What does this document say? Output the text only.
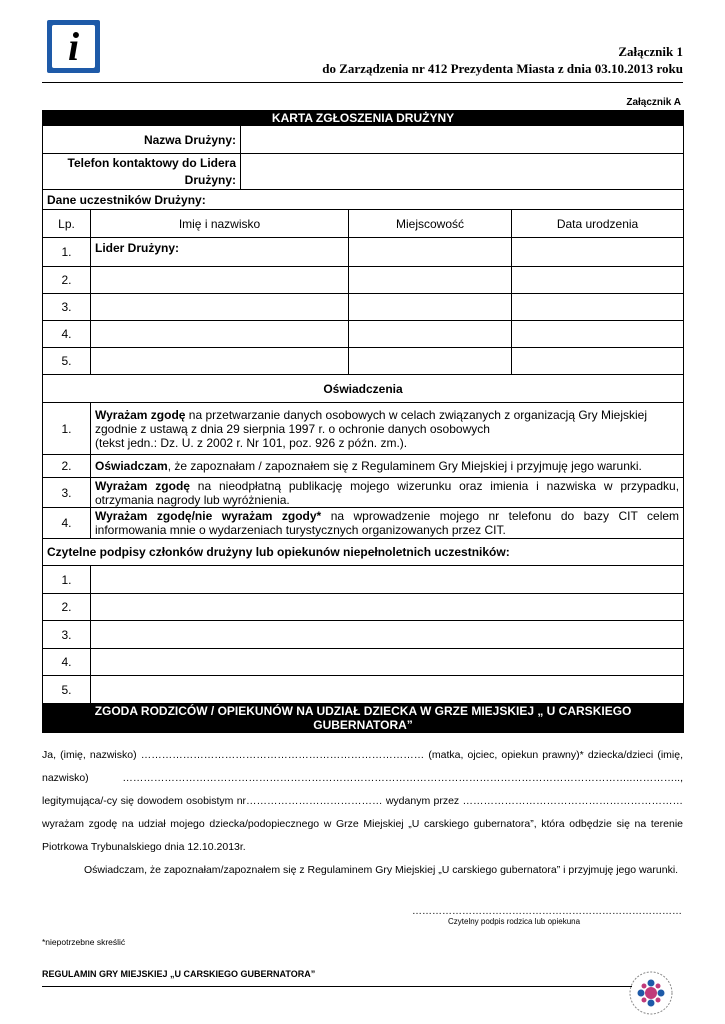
i	Załącznik 1
do Zarządzenia nr 412 Prezydenta Miasta z dnia 03.10.2013 roku
Załącznik A
KARTA ZGŁOSZENIA DRUŻYNY				
Nazwa Drużyny:				

Telefon kontaktowy do Lidera
Drużyny:				

Dane uczestników Drużyny:				
Lp.	Imię i nazwisko		Miejscowość	Data urodzenia
1.	Lider Drużyny:			
2.				
3.				
4.				
5.				
Oświadczenia				
1.	Wyrażam zgodę na przetwarzanie danych osobowych w celach związanych z organizacją Gry Miejskiej zgodnie z ustawą z dnia 29 sierpnia 1997 r. o ochronie danych osobowych
(tekst jedn.: Dz. U. z 2002 r. Nr 101, poz. 926 z późn. zm.).			
2.	Oświadczam, że zapoznałam / zapoznałem się z Regulaminem Gry Miejskiej i przyjmuję jego warunki.			
3.	Wyrażam zgodę na nieodpłatną publikację mojego wizerunku oraz imienia i nazwiska w przypadku, otrzymania nagrody lub wyróżnienia.			
4.	Wyrażam zgodę/nie wyrażam zgody* na wprowadzenie mojego nr telefonu do bazy CIT celem informowania mnie o wydarzeniach turystycznych organizowanych przez CIT.			
Czytelne podpisy członków drużyny lub opiekunów niepełnoletnich uczestników:				
1.				
2.				
3.				
4.				
5.				
ZGODA RODZICÓW / OPIEKUNÓW NA UDZIAŁ DZIECKA W GRZE MIEJSKIEJ „ U CARSKIEGO GUBERNATORA”				

Ja, (imię, nazwisko) ……………………………………………………………………… (matka, ojciec, opiekun prawny)* dziecka/dzieci (imię, nazwisko) ………………………………………………………………………………………………………………………………..………….., legitymująca/-cy się dowodem osobistym nr………………………………… wydanym przez ……………………………………………………… wyrażam zgodę na udział mojego dziecka/podopiecznego w Grze Miejskiej „U carskiego gubernatora”, która odbędzie się na terenie Piotrkowa Trybunalskiego dnia 12.10.2013r.

Oświadczam, że zapoznałam/zapoznałem się z Regulaminem Gry Miejskiej „U carskiego gubernatora” i przyjmuję jego warunki.

………………………………………………………………………
Czytelny podpis rodzica lub opiekuna
*niepotrzebne skreślić
REGULAMIN GRY MIEJSKIEJ „U CARSKIEGO GUBERNATORA”
